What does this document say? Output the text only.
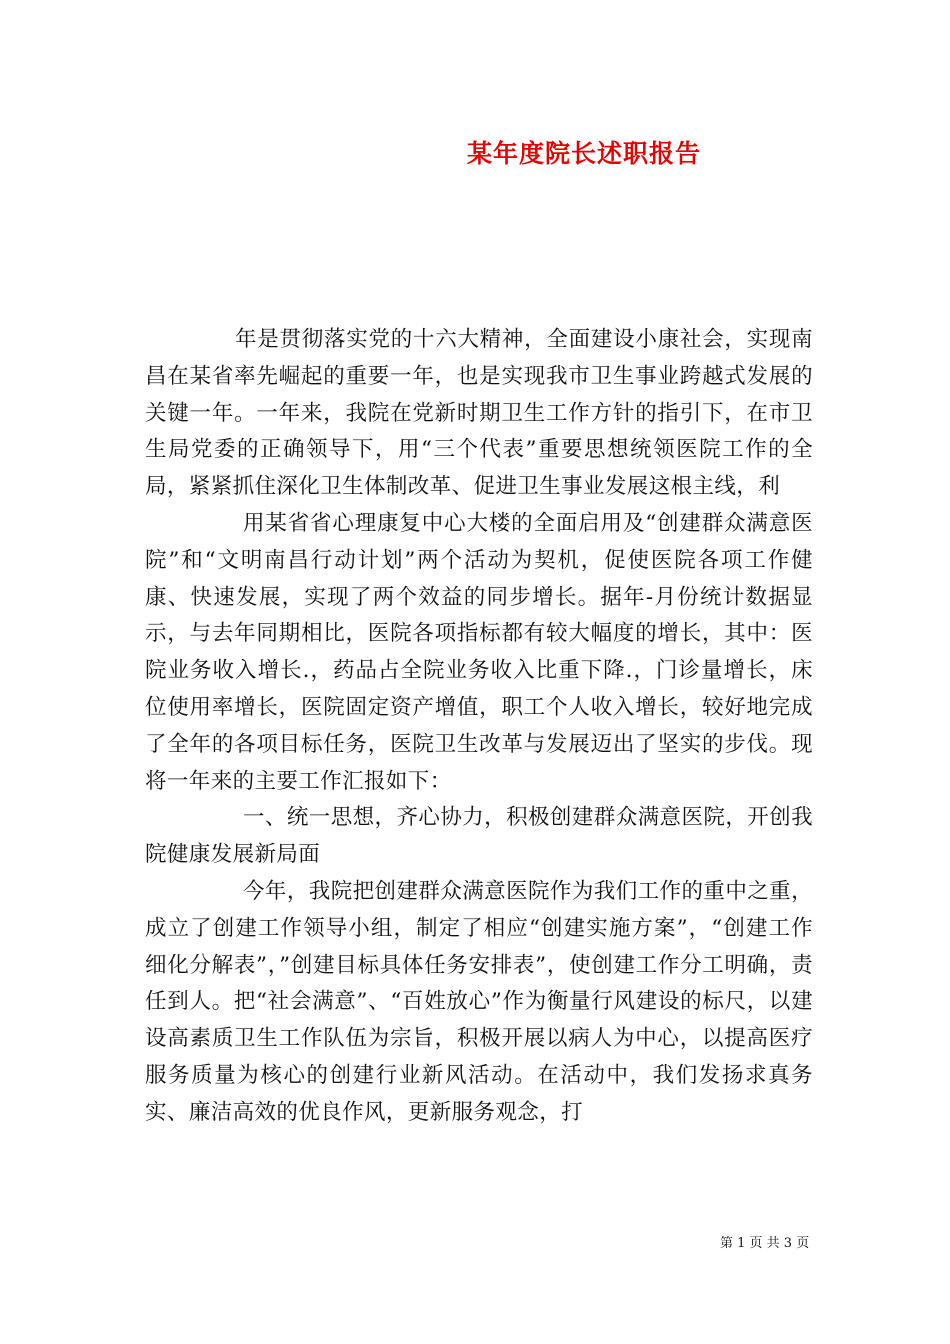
某年度院长述职报告

年是贯彻落实党的十六大精神，全面建设小康社会，实现南昌在某省率先崛起的重要一年，也是实现我市卫生事业跨越式发展的关键一年。一年来，我院在党新时期卫生工作方针的指引下，在市卫生局党委的正确领导下，用“三个代表”重要思想统领医院工作的全局，紧紧抓住深化卫生体制改革、促进卫生事业发展这根主线，利

用某省省心理康复中心大楼的全面启用及“创建群众满意医院”和“文明南昌行动计划”两个活动为契机，促使医院各项工作健康、快速发展，实现了两个效益的同步增长。据年-月份统计数据显示，与去年同期相比，医院各项指标都有较大幅度的增长，其中：医院业务收入增长.，药品占全院业务收入比重下降.，门诊量增长，床位使用率增长，医院固定资产增值，职工个人收入增长，较好地完成了全年的各项目标任务，医院卫生改革与发展迈出了坚实的步伐。现将一年来的主要工作汇报如下：

一、统一思想，齐心协力，积极创建群众满意医院，开创我院健康发展新局面

今年，我院把创建群众满意医院作为我们工作的重中之重，成立了创建工作领导小组，制定了相应“创建实施方案”，“创建工作细化分解表”，”创建目标具体任务安排表”，使创建工作分工明确，责任到人。把“社会满意”、“百姓放心”作为衡量行风建设的标尺，以建设高素质卫生工作队伍为宗旨，积极开展以病人为中心，以提高医疗服务质量为核心的创建行业新风活动。在活动中，我们发扬求真务实、廉洁高效的优良作风，更新服务观念，打

第 1 页 共 3 页
